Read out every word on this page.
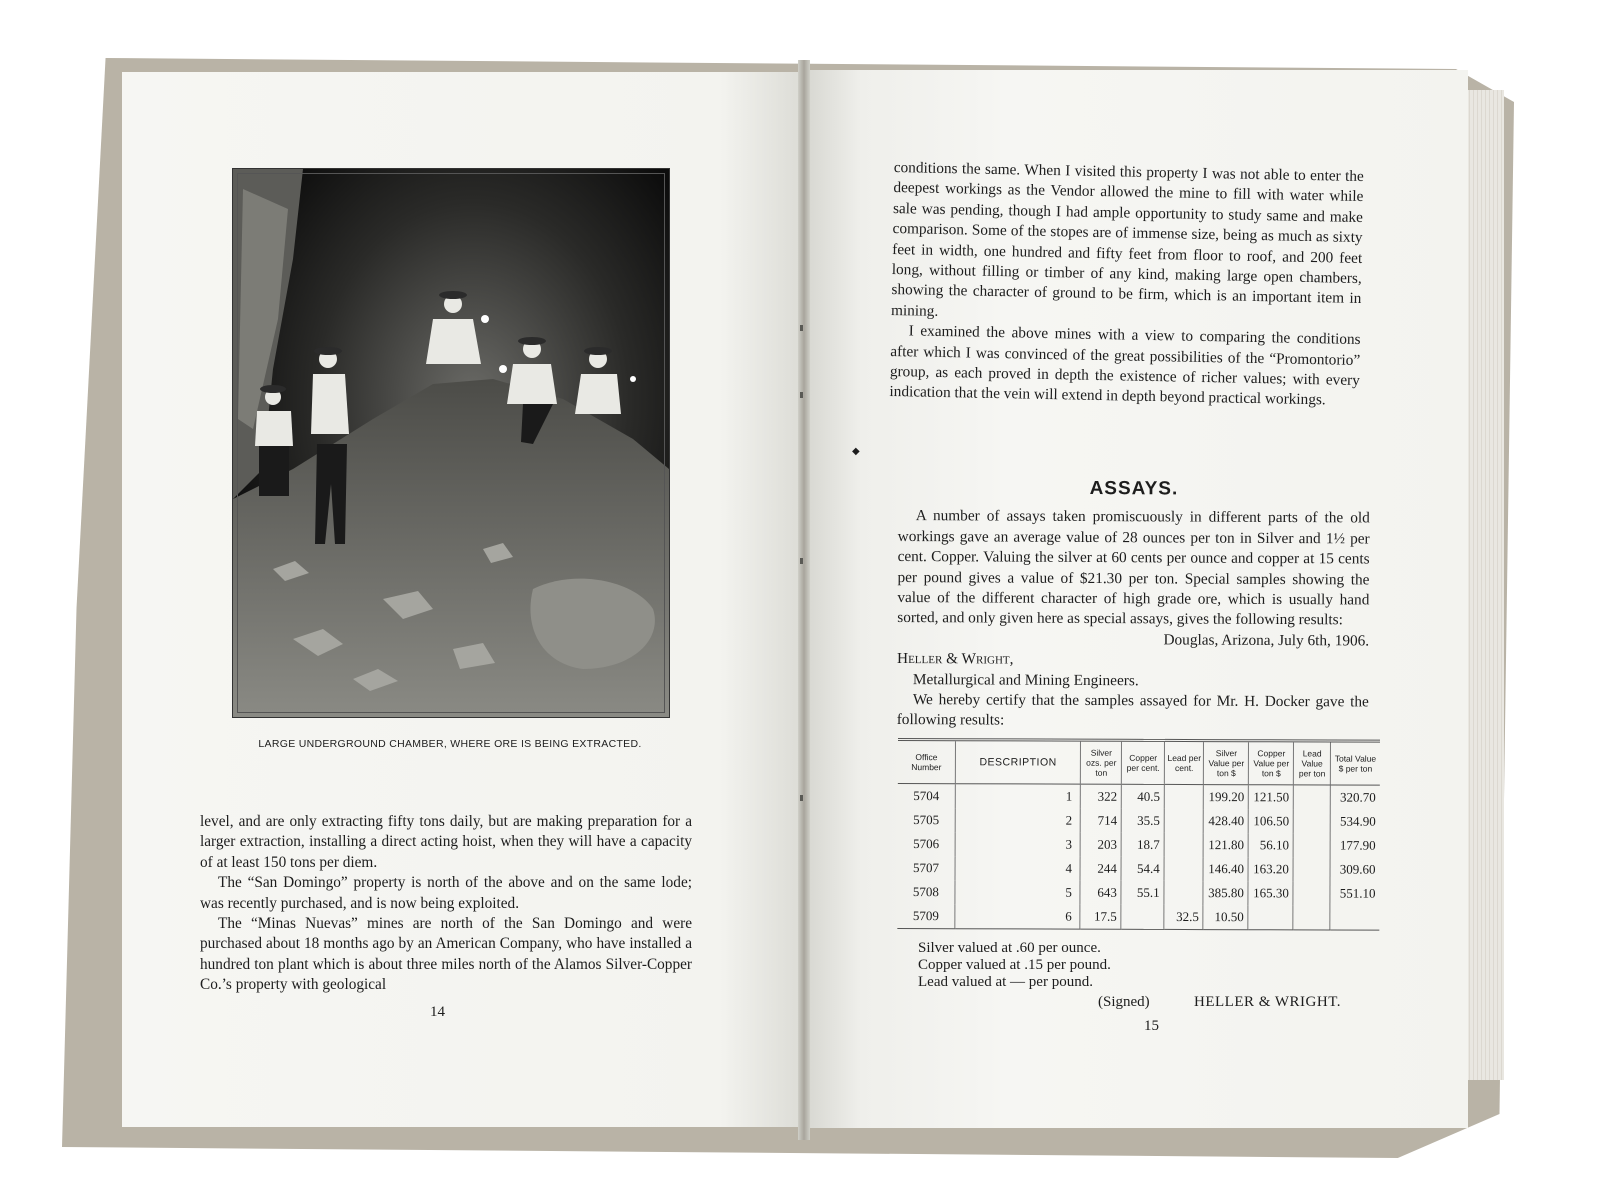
LARGE UNDERGROUND CHAMBER, WHERE ORE IS BEING EXTRACTED.

level, and are only extracting fifty tons daily, but are making preparation for a larger extraction, installing a direct acting hoist, when they will have a capacity of at least 150 tons per diem.

The “San Domingo” property is north of the above and on the same lode; was recently purchased, and is now being exploited.

The “Minas Nuevas” mines are north of the San Domingo and were purchased about 18 months ago by an American Company, who have installed a hundred ton plant which is about three miles north of the Alamos Silver-Copper Co.’s property with geological

14

conditions the same. When I visited this property I was not able to enter the deepest workings as the Vendor allowed the mine to fill with water while sale was pending, though I had ample opportunity to study same and make comparison. Some of the stopes are of immense size, being as much as sixty feet in width, one hundred and fifty feet from floor to roof, and 200 feet long, without filling or timber of any kind, making large open chambers, showing the character of ground to be firm, which is an important item in mining.

I examined the above mines with a view to comparing the conditions after which I was convinced of the great possibilities of the “Promontorio” group, as each proved in depth the existence of richer values; with every indication that the vein will extend in depth beyond practical workings.

◆
ASSAYS.

A number of assays taken promiscuously in different parts of the old workings gave an average value of 28 ounces per ton in Silver and 1½ per cent. Copper. Valuing the silver at 60 cents per ounce and copper at 15 cents per pound gives a value of $21.30 per ton. Special samples showing the value of the different character of high grade ore, which is usually hand sorted, and only given here as special assays, gives the following results:

Douglas, Arizona, July 6th, 1906.

Heller & Wright,

Metallurgical and Mining Engineers.

We hereby certify that the samples assayed for Mr. H. Docker gave the following results:

Office Number	DESCRIPTION	Silver ozs. per ton	Copper per cent.	Lead per cent.	Silver Value per ton $	Copper Value per ton $	Lead Value per ton	Total Value $ per ton
5704	1	322	40.5		199.20	121.50		320.70
5705	2	714	35.5		428.40	106.50		534.90
5706	3	203	18.7		121.80	56.10		177.90
5707	4	244	54.4		146.40	163.20		309.60
5708	5	643	55.1		385.80	165.30		551.10
5709	6	17.5		32.5	10.50			

Silver valued at .60 per ounce.

Copper valued at .15 per pound.

Lead valued at — per pound.

(Signed)	HELLER & WRIGHT.
15
